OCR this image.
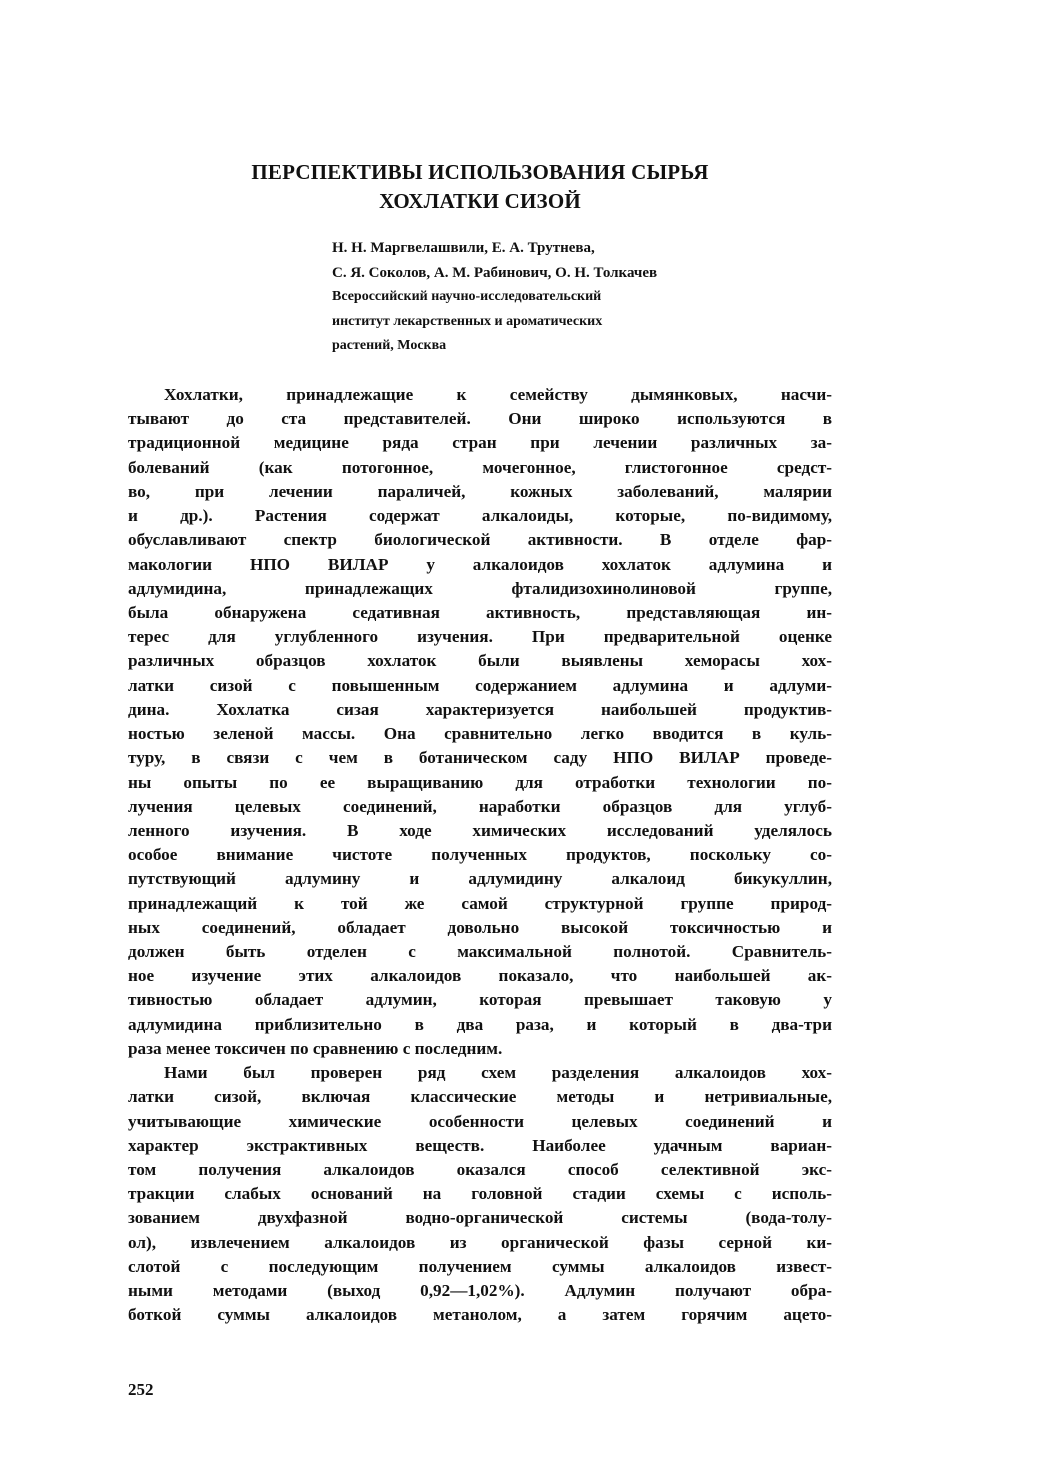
ПЕРСПЕКТИВЫ ИСПОЛЬЗОВАНИЯ СЫРЬЯ
ХОХЛАТКИ СИЗОЙ
Н. Н. Маргвелашвили, Е. А. Трутнева,
С. Я. Соколов, А. М. Рабинович, О. Н. Толкачев
Всероссийский научно-исследовательский
институт лекарственных и ароматических
растений, Москва
Хохлатки, принадлежащие к семейству дымянковых, насчи-
тывают до ста представителей. Они широко используются в
традиционной медицине ряда стран при лечении различных за-
болеваний (как потогонное, мочегонное, глистогонное средст-
во, при лечении параличей, кожных заболеваний, малярии
и др.). Растения содержат алкалоиды, которые, по-видимому,
обуславливают спектр биологической активности. В отделе фар-
макологии НПО ВИЛАР у алкалоидов хохлаток адлумина и
адлумидина, принадлежащих фталидизохинолиновой группе,
была обнаружена седативная активность, представляющая ин-
терес для углубленного изучения. При предварительной оценке
различных образцов хохлаток были выявлены хеморасы хох-
латки сизой с повышенным содержанием адлумина и адлуми-
дина. Хохлатка сизая характеризуется наибольшей продуктив-
ностью зеленой массы. Она сравнительно легко вводится в куль-
туру, в связи с чем в ботаническом саду НПО ВИЛАР проведе-
ны опыты по ее выращиванию для отработки технологии по-
лучения целевых соединений, наработки образцов для углуб-
ленного изучения. В ходе химических исследований уделялось
особое внимание чистоте полученных продуктов, поскольку со-
путствующий адлумину и адлумидину алкалоид бикукуллин,
принадлежащий к той же самой структурной группе природ-
ных соединений, обладает довольно высокой токсичностью и
должен быть отделен с максимальной полнотой. Сравнитель-
ное изучение этих алкалоидов показало, что наибольшей ак-
тивностью обладает адлумин, которая превышает таковую у
адлумидина приблизительно в два раза, и который в два-три
раза менее токсичен по сравнению с последним.
Нами был проверен ряд схем разделения алкалоидов хох-
латки сизой, включая классические методы и нетривиальные,
учитывающие химические особенности целевых соединений и
характер экстрактивных веществ. Наиболее удачным вариан-
том получения алкалоидов оказался способ селективной экс-
тракции слабых оснований на головной стадии схемы с исполь-
зованием двухфазной водно-органической системы (вода-толу-
ол), извлечением алкалоидов из органической фазы серной ки-
слотой с последующим получением суммы алкалоидов извест-
ными методами (выход 0,92—1,02%). Адлумин получают обра-
боткой суммы алкалоидов метанолом, а затем горячим ацето-
252
